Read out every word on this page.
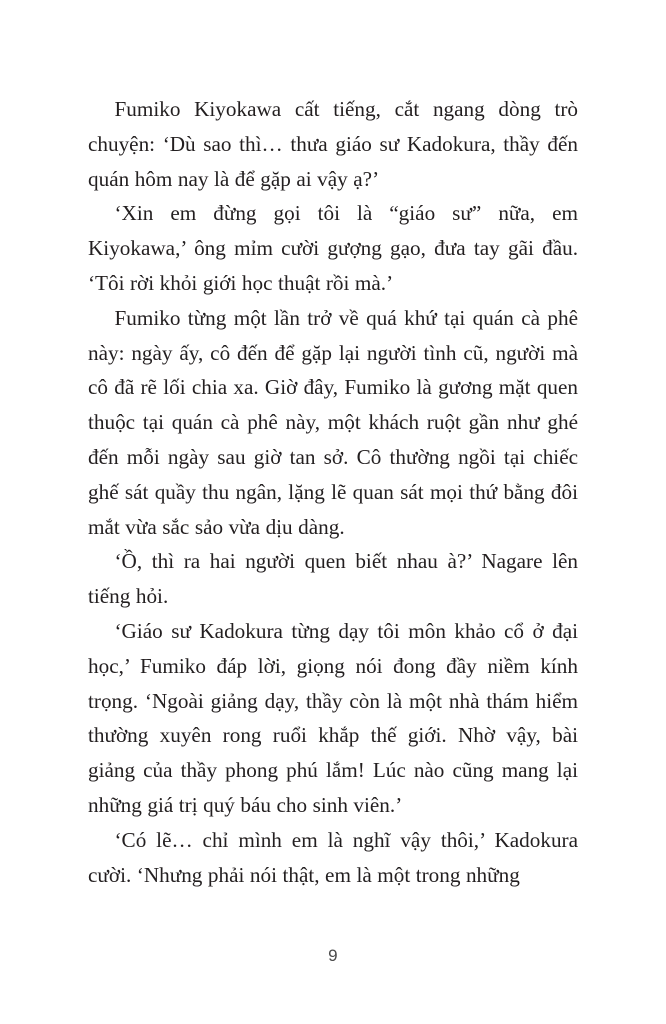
Fumiko Kiyokawa cất tiếng, cắt ngang dòng trò chuyện: ‘Dù sao thì… thưa giáo sư Kadokura, thầy đến quán hôm nay là để gặp ai vậy ạ?’

‘Xin em đừng gọi tôi là “giáo sư” nữa, em Kiyokawa,’ ông mỉm cười gượng gạo, đưa tay gãi đầu. ‘Tôi rời khỏi giới học thuật rồi mà.’

Fumiko từng một lần trở về quá khứ tại quán cà phê này: ngày ấy, cô đến để gặp lại người tình cũ, người mà cô đã rẽ lối chia xa. Giờ đây, Fumiko là gương mặt quen thuộc tại quán cà phê này, một khách ruột gần như ghé đến mỗi ngày sau giờ tan sở. Cô thường ngồi tại chiếc ghế sát quầy thu ngân, lặng lẽ quan sát mọi thứ bằng đôi mắt vừa sắc sảo vừa dịu dàng.

‘Ồ, thì ra hai người quen biết nhau à?’ Nagare lên tiếng hỏi.

‘Giáo sư Kadokura từng dạy tôi môn khảo cổ ở đại học,’ Fumiko đáp lời, giọng nói đong đầy niềm kính trọng. ‘Ngoài giảng dạy, thầy còn là một nhà thám hiểm thường xuyên rong ruổi khắp thế giới. Nhờ vậy, bài giảng của thầy phong phú lắm! Lúc nào cũng mang lại những giá trị quý báu cho sinh viên.’

‘Có lẽ… chỉ mình em là nghĩ vậy thôi,’ Kadokura cười. ‘Nhưng phải nói thật, em là một trong những

9
